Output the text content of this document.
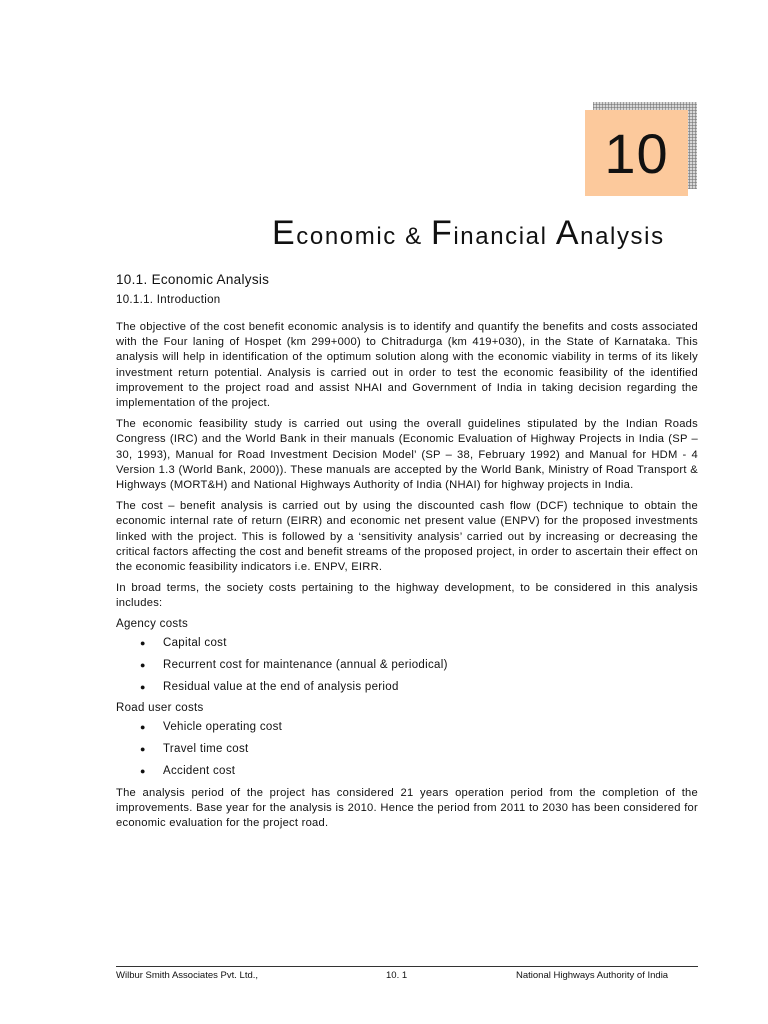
10
Economic & Financial Analysis
10.1. Economic Analysis
10.1.1. Introduction

The objective of the cost benefit economic analysis is to identify and quantify the benefits and costs associated with the Four laning of Hospet (km 299+000) to Chitradurga (km 419+030), in the State of Karnataka. This analysis will help in identification of the optimum solution along with the economic viability in terms of its likely investment return potential. Analysis is carried out in order to test the economic feasibility of the identified improvement to the project road and assist NHAI and Government of India in taking decision regarding the implementation of the project.

The economic feasibility study is carried out using the overall guidelines stipulated by the Indian Roads Congress (IRC) and the World Bank in their manuals (Economic Evaluation of Highway Projects in India (SP – 30, 1993), Manual for Road Investment Decision Model’ (SP – 38, February 1992) and Manual for HDM - 4 Version 1.3 (World Bank, 2000)). These manuals are accepted by the World Bank, Ministry of Road Transport & Highways (MORT&H) and National Highways Authority of India (NHAI) for highway projects in India.

The cost – benefit analysis is carried out by using the discounted cash flow (DCF) technique to obtain the economic internal rate of return (EIRR) and economic net present value (ENPV) for the proposed investments linked with the project. This is followed by a ‘sensitivity analysis’ carried out by increasing or decreasing the critical factors affecting the cost and benefit streams of the proposed project, in order to ascertain their effect on the economic feasibility indicators i.e. ENPV, EIRR.

In broad terms, the society costs pertaining to the highway development, to be considered in this analysis includes:

Agency costs
● Capital cost
● Recurrent cost for maintenance (annual & periodical)
● Residual value at the end of analysis period
Road user costs
● Vehicle operating cost
● Travel time cost
● Accident cost

The analysis period of the project has considered 21 years operation period from the completion of the improvements. Base year for the analysis is 2010. Hence the period from 2011 to 2030 has been considered for economic evaluation for the project road.

Wilbur Smith Associates Pvt. Ltd.,	10. 1	National Highways Authority of India
